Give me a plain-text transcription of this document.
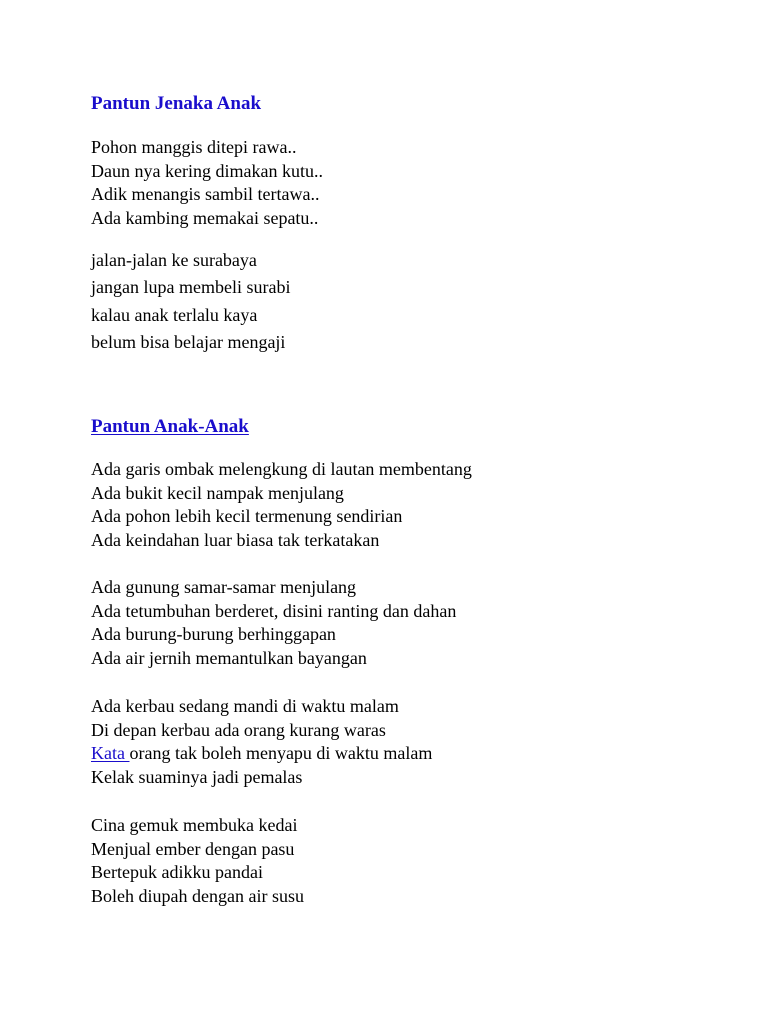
Pantun Jenaka Anak
Pohon manggis ditepi rawa..
Daun nya kering dimakan kutu..
Adik menangis sambil tertawa..
Ada kambing memakai sepatu..
jalan-jalan ke surabaya
jangan lupa membeli surabi
kalau anak terlalu kaya
belum bisa belajar mengaji
Pantun Anak-Anak
Ada garis ombak melengkung di lautan membentang
Ada bukit kecil nampak menjulang
Ada pohon lebih kecil termenung sendirian
Ada keindahan luar biasa tak terkatakan
Ada gunung samar-samar menjulang
Ada tetumbuhan berderet, disini ranting dan dahan
Ada burung-burung berhinggapan
Ada air jernih memantulkan bayangan
Ada kerbau sedang mandi di waktu malam
Di depan kerbau ada orang kurang waras
Kata orang tak boleh menyapu di waktu malam
Kelak suaminya jadi pemalas
Cina gemuk membuka kedai
Menjual ember dengan pasu
Bertepuk adikku pandai
Boleh diupah dengan air susu
